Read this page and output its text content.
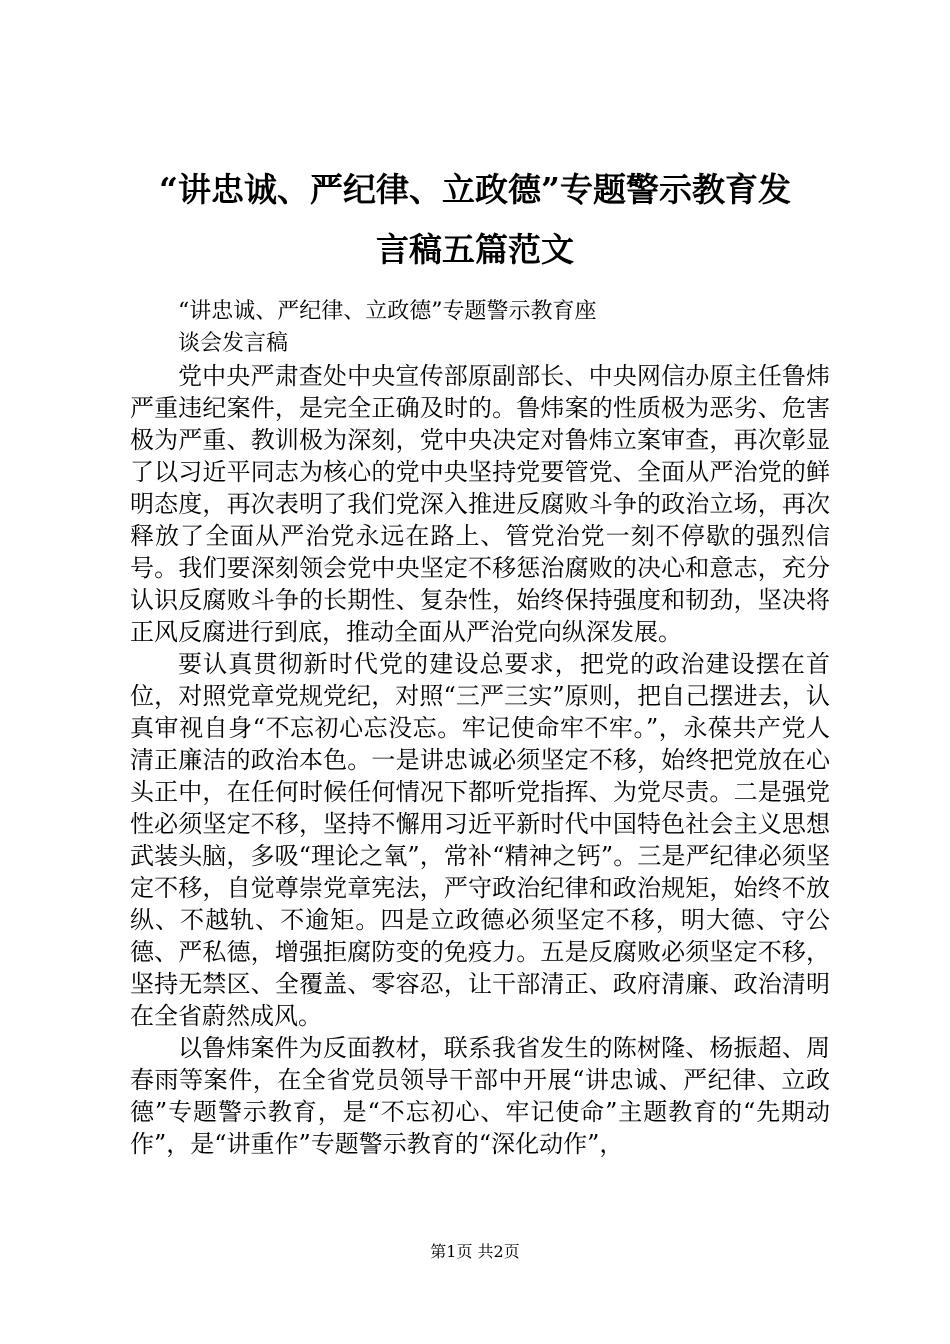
“讲忠诚、严纪律、立政德”专题警示教育发
言稿五篇范文
“讲忠诚、严纪律、立政德”专题警示教育座
谈会发言稿

党中央严肃查处中央宣传部原副部长、中央网信办原主任鲁炜严重违纪案件，是完全正确及时的。鲁炜案的性质极为恶劣、危害极为严重、教训极为深刻，党中央决定对鲁炜立案审查，再次彰显了以习近平同志为核心的党中央坚持党要管党、全面从严治党的鲜明态度，再次表明了我们党深入推进反腐败斗争的政治立场，再次释放了全面从严治党永远在路上、管党治党一刻不停歇的强烈信号。我们要深刻领会党中央坚定不移惩治腐败的决心和意志，充分认识反腐败斗争的长期性、复杂性，始终保持强度和韧劲，坚决将正风反腐进行到底，推动全面从严治党向纵深发展。

要认真贯彻新时代党的建设总要求，把党的政治建设摆在首位，对照党章党规党纪，对照“三严三实”原则，把自己摆进去，认真审视自身“不忘初心忘没忘。牢记使命牢不牢。”，永葆共产党人清正廉洁的政治本色。一是讲忠诚必须坚定不移，始终把党放在心头正中，在任何时候任何情况下都听党指挥、为党尽责。二是强党性必须坚定不移，坚持不懈用习近平新时代中国特色社会主义思想武装头脑，多吸“理论之氧”，常补“精神之钙”。三是严纪律必须坚定不移，自觉尊崇党章宪法，严守政治纪律和政治规矩，始终不放纵、不越轨、不逾矩。四是立政德必须坚定不移，明大德、守公德、严私德，增强拒腐防变的免疫力。五是反腐败必须坚定不移，坚持无禁区、全覆盖、零容忍，让干部清正、政府清廉、政治清明在全省蔚然成风。

以鲁炜案件为反面教材，联系我省发生的陈树隆、杨振超、周春雨等案件，在全省党员领导干部中开展“讲忠诚、严纪律、立政德”专题警示教育，是“不忘初心、牢记使命”主题教育的“先期动作”，是“讲重作”专题警示教育的“深化动作”，

第1页 共2页
